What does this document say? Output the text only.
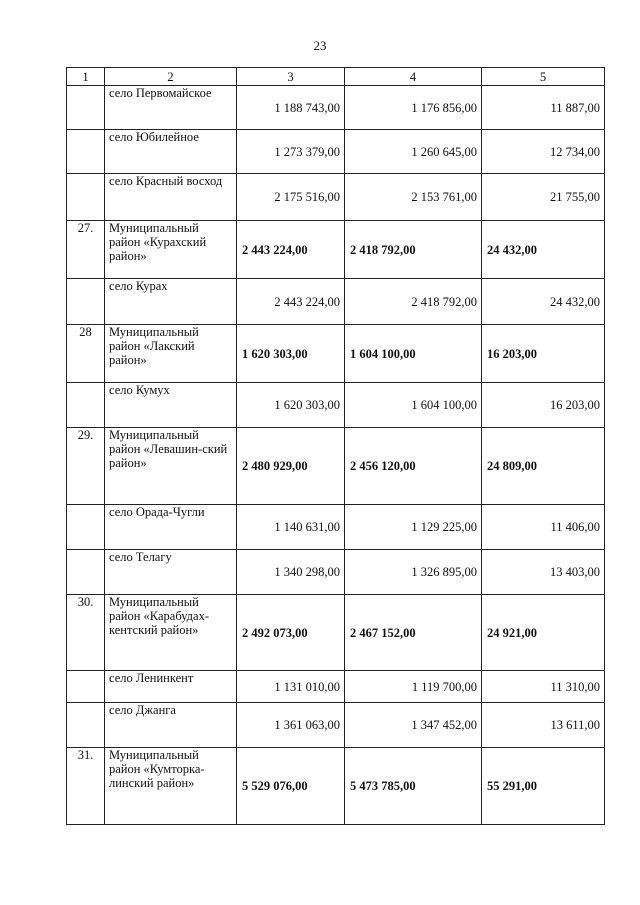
23
1	2	3	4	5
	село Первомайское	1 188 743,00	1 176 856,00	11 887,00
	село Юбилейное	1 273 379,00	1 260 645,00	12 734,00
	село Красный восход	2 175 516,00	2 153 761,00	21 755,00
27.	Муниципальный район «Курахский район»	2 443 224,00	2 418 792,00	24 432,00
	село Курах	2 443 224,00	2 418 792,00	24 432,00
28	Муниципальный район «Лакский район»	1 620 303,00	1 604 100,00	16 203,00
	село Кумух	1 620 303,00	1 604 100,00	16 203,00
29.	Муниципальный район «Левашин-ский район»	2 480 929,00	2 456 120,00	24 809,00
	село Орада-Чугли	1 140 631,00	1 129 225,00	11 406,00
	село Телагу	1 340 298,00	1 326 895,00	13 403,00
30.	Муниципальный район «Карабудах-кентский район»	2 492 073,00	2 467 152,00	24 921,00
	село Ленинкент	1 131 010,00	1 119 700,00	11 310,00
	село Джанга	1 361 063,00	1 347 452,00	13 611,00
31.	Муниципальный район «Кумторка-линский район»	5 529 076,00	5 473 785,00	55 291,00
